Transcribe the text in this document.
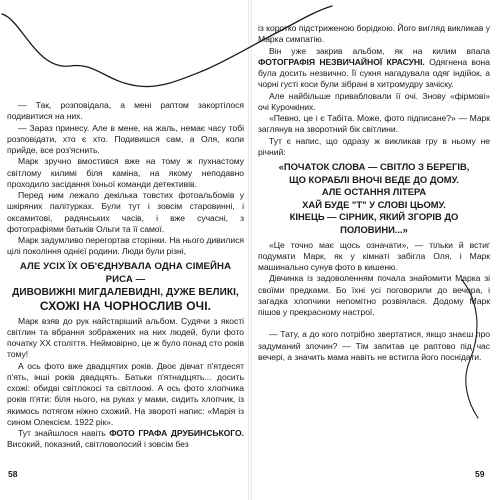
— Так, розповідала, а мені раптом закортілося подивитися на них.

— Зараз принесу. Але в мене, на жаль, немає часу тобі розповідати, хто є хто. Подивишся сам, а Оля, коли прийде, все роз'яснить.

Марк зручно вмостився вже на тому ж пухнастому світлому килимі біля каміна, на якому неподавно проходило засідання їхньої команди детективів.

Перед ним лежало декілька товстих фотоальбомів у шкіряних палітурках. Були тут і зовсім старовинні, і оксамитові, радянських часів, і вже сучасні, з фотографіями батьків Ольги та її самої.

Марк задумливо перегортав сторінки. На нього дивилися цілі покоління однієї родини. Люди були різні,

АЛЕ УСІХ ЇХ ОБ'ЄДНУВАЛА ОДНА СІМЕЙНА РИСА —

ДИВОВИЖНІ МИГДАЛЕВИДНІ, ДУЖЕ ВЕЛИКІ,

СХОЖІ НА ЧОРНОСЛИВ ОЧІ.

Марк взяв до рук найстаріший альбом. Судячи з якості світлин та вбрання зображених на них людей, були фото початку XX століття. Неймовірно, це ж було понад сто років тому!

А ось фото вже двадцятих років. Двоє дівчат п'ятдесят п'ять, інші років двадцять. Батьки п'ятнадцять... досить схожі: обидві світлокосі та світлоокі. А ось фото хлопчика років п'яти: біля нього, на руках у мами, сидить хлопчик, із якимось потягом ніжно схожий. На звороті напис: «Марія із сином Олексієм. 1922 рік».

Тут знайшлося навіть ФОТО ГРАФА ДРУБИНСЬКОГО. Високий, показний, світловолосий і зовсім без

із коротко підстриженою борідкою. Його вигляд викликав у Марка симпатію.

Він уже закрив альбом, як на килим впала ФОТОГРАФІЯ НЕЗВИЧАЙНОЇ КРАСУНІ. Одягнена вона була досить незвично. Її сукня нагадувала одяг індійок, а чорні густі коси були зібрані в хитромудру зачіску.

Але найбільше привабловали її очі. Знову «фірмові» очі Курочкіних.

«Певно, це і є Табіта. Може, фото підписане?» — Марк заглянув на зворотний бік світлини.

Тут є напис, що одразу ж викликав гру в ньому не річний:

«ПОЧАТОК СЛОВА — СВІТЛО З БЕРЕГІВ,
ЩО КОРАБЛІ ВНОЧІ ВЕДЕ ДО ДОМУ.
АЛЕ ОСТАННЯ ЛІТЕРА
ХАЙ БУДЕ "Т" У СЛОВІ ЦЬОМУ.
КІНЕЦЬ — СІРНИК, ЯКИЙ ЗГОРІВ ДО ПОЛОВИНИ...»

«Це точно має щось означати», — тільки й встиг подумати Марк, як у кімнаті забігла Оля, і Марк машинально сунув фото в кишеню.

Дівчинка із задоволенням почала знайомити Марка зі своїми предками. Бо їхні усі поговорили до вечора, і загадка хлопчики непомітно розвіялася. Додому Марк пішов у прекрасному настрої.

— Тату, а до кого потрібно звертатися, якщо знаєш про задуманий злочин? — Тім запитав це раптово під час вечері, а значить мама навіть не встигла його поснідати.

58	59
